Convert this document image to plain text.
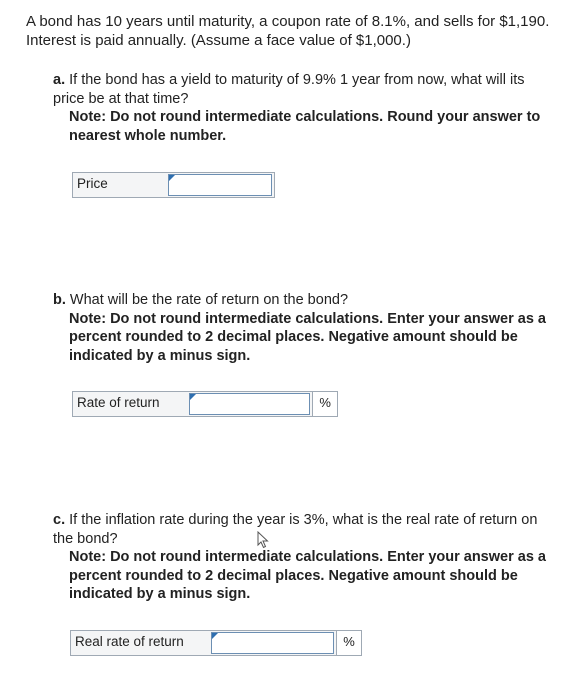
A bond has 10 years until maturity, a coupon rate of 8.1%, and sells for $1,190. Interest is paid annually. (Assume a face value of $1,000.)
a. If the bond has a yield to maturity of 9.9% 1 year from now, what will its price be at that time?
Note: Do not round intermediate calculations. Round your answer to nearest whole number.
Price
b. What will be the rate of return on the bond?
Note: Do not round intermediate calculations. Enter your answer as a percent rounded to 2 decimal places. Negative amount should be indicated by a minus sign.
Rate of return	%
c. If the inflation rate during the year is 3%, what is the real rate of return on the bond?
Note: Do not round intermediate calculations. Enter your answer as a percent rounded to 2 decimal places. Negative amount should be indicated by a minus sign.
Real rate of return	%
